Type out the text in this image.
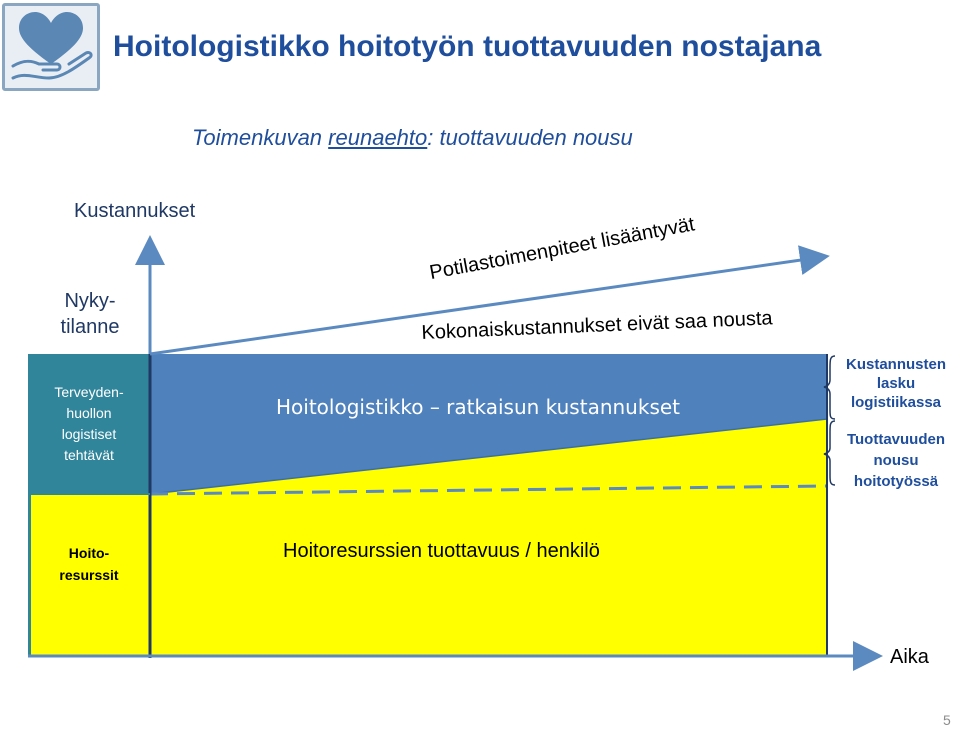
Hoitologistikko hoitotyön tuottavuuden nostajana
Toimenkuvan reunaehto: tuottavuuden nousu
Kustannukset
Nyky-
tilanne
Terveyden-
huollon
logistiset
tehtävät
Hoito-
resurssit
Potilastoimenpiteet lisääntyvät
Kokonaiskustannukset eivät saa nousta
Hoitologistikko – ratkaisun kustannukset
Hoitoresurssien tuottavuus / henkilö
Kustannusten
lasku
logistiikassa
Tuottavuuden
nousu
hoitotyössä
Aika
5
